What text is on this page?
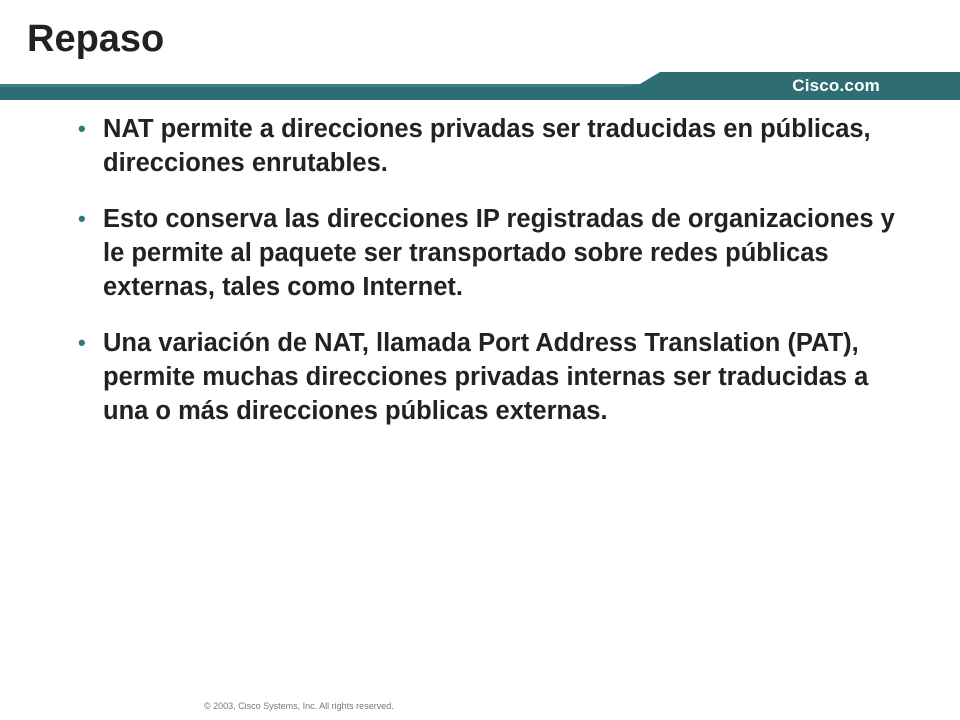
Repaso
Cisco.com
• NAT permite a direcciones privadas ser traducidas en públicas, direcciones enrutables.
• Esto conserva las direcciones IP registradas de organizaciones y le permite al paquete ser transportado sobre redes públicas externas, tales como Internet.
• Una variación de NAT, llamada Port Address Translation (PAT), permite muchas direcciones privadas internas ser traducidas a una o más direcciones públicas externas.
© 2003, Cisco Systems, Inc. All rights reserved.
